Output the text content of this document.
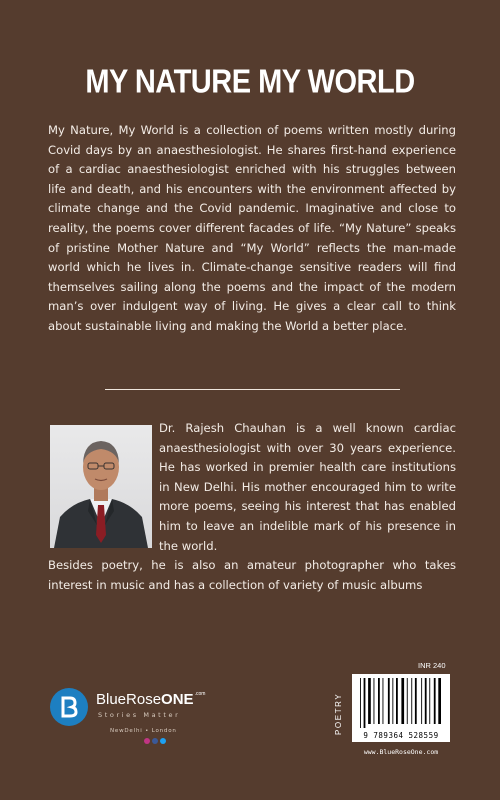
MY NATURE MY WORLD

My Nature, My World is a collection of poems written mostly during Covid days by an anaesthesiologist. He shares first-hand experience of a cardiac anaesthesiologist enriched with his struggles between life and death, and his encounters with the environment affected by climate change and the Covid pandemic. Imaginative and close to reality, the poems cover different facades of life. “My Nature” speaks of pristine Mother Nature and “My World” reflects the man-made world which he lives in. Climate-change sensitive readers will find themselves sailing along the poems and the impact of the modern man’s over indulgent way of living. He gives a clear call to think about sustainable living and making the World a better place.

Dr. Rajesh Chauhan is a well known cardiac anaesthesiologist with over 30 years experience. He has worked in premier health care institutions in New Delhi. His mother encouraged him to write more poems, seeing his interest that has enabled him to leave an indelible mark of his presence in the world.

Besides poetry, he is also an amateur photographer who takes interest in music and has a collection of variety of music albums

BlueRoseONE$^{.com}$
Stories Matter
NewDelhi • London
INR 240
POETRY
9 789364 528559
www.BlueRoseOne.com
